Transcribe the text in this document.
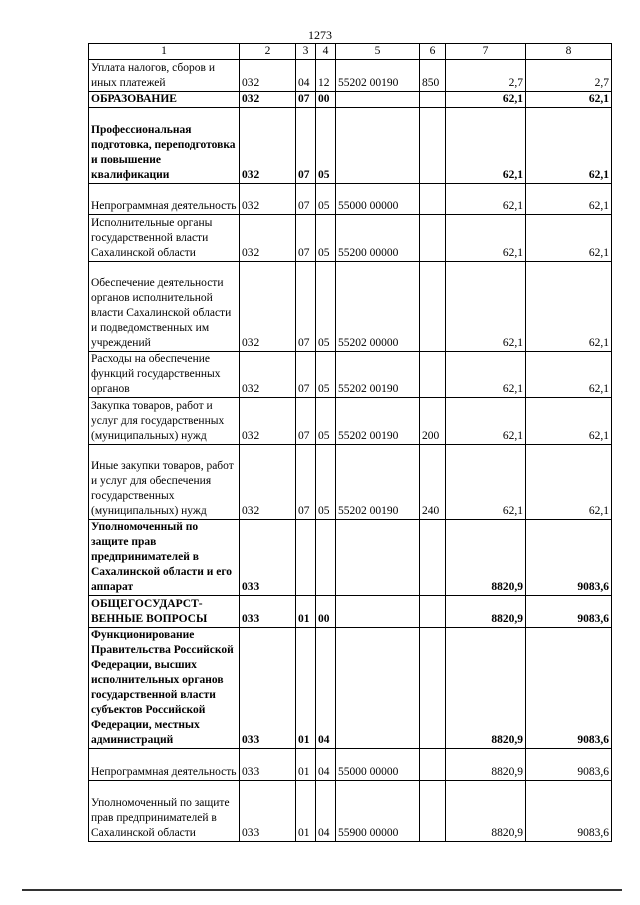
1273
1	2	3	4	5	6	7	8
Уплата налогов, сборов и иных платежей	032	04	12	55202 00190	850	2,7	2,7
ОБРАЗОВАНИЕ	032	07	00			62,1	62,1
Профессиональная подготовка, переподготовка и повышение квалификации	032	07	05			62,1	62,1
Непрограммная деятельность	032	07	05	55000 00000		62,1	62,1
Исполнительные органы государственной власти Сахалинской области	032	07	05	55200 00000		62,1	62,1
Обеспечение деятельности органов исполнительной власти Сахалинской области и подведомственных им учреждений	032	07	05	55202 00000		62,1	62,1
Расходы на обеспечение функций государственных органов	032	07	05	55202 00190		62,1	62,1
Закупка товаров, работ и услуг для государственных (муниципальных) нужд	032	07	05	55202 00190	200	62,1	62,1
Иные закупки товаров, работ и услуг для обеспечения государственных (муниципальных) нужд	032	07	05	55202 00190	240	62,1	62,1
Уполномоченный по защите прав предпринимателей в Сахалинской области и его аппарат	033					8820,9	9083,6
ОБЩЕГОСУДАРСТ-ВЕННЫЕ ВОПРОСЫ	033	01	00			8820,9	9083,6
Функционирование Правительства Российской Федерации, высших исполнительных органов государственной власти субъектов Российской Федерации, местных администраций	033	01	04			8820,9	9083,6
Непрограммная деятельность	033	01	04	55000 00000		8820,9	9083,6
Уполномоченный по защите прав предпринимателей в Сахалинской области	033	01	04	55900 00000		8820,9	9083,6
